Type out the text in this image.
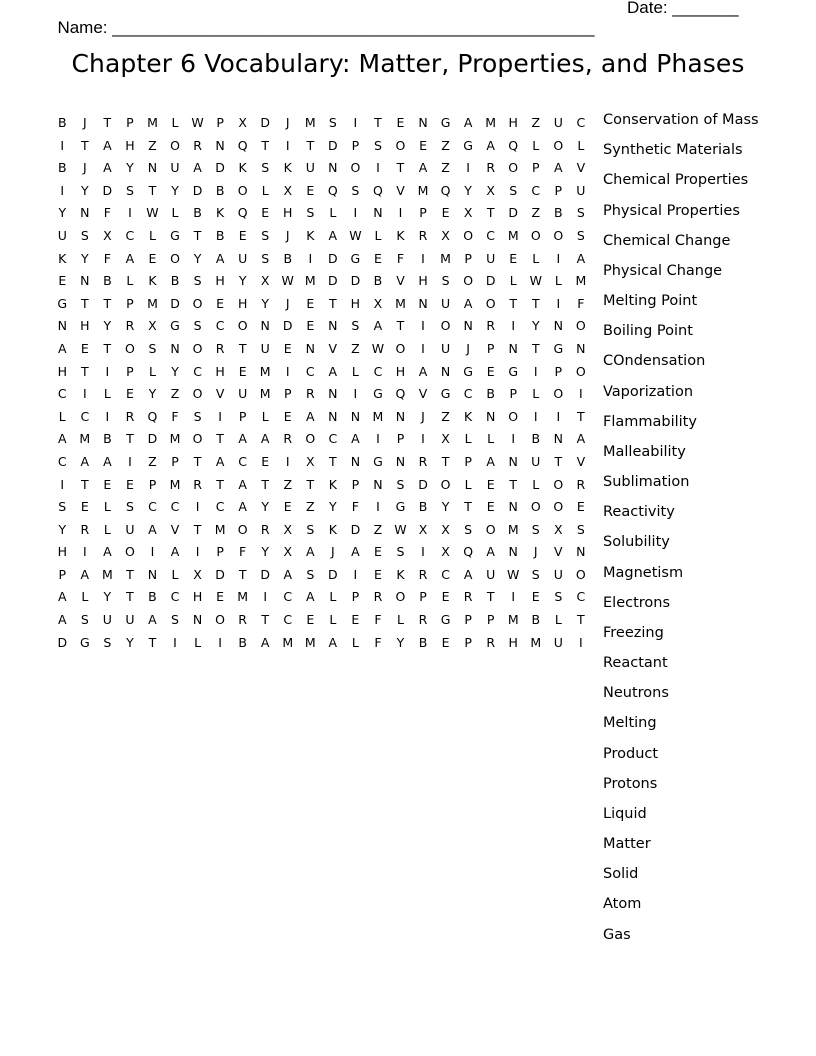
Name: ___________________________________________________

Date: _______

Chapter 6 Vocabulary: Matter, Properties, and Phases
B	J	T	P	M	L	W	P	X	D	J	M	S	I	T	E	N	G	A	M	H	Z	U	C
I	T	A	H	Z	O	R	N	Q	T	I	T	D	P	S	O	E	Z	G	A	Q	L	O	L
B	J	A	Y	N	U	A	D	K	S	K	U	N	O	I	T	A	Z	I	R	O	P	A	V
I	Y	D	S	T	Y	D	B	O	L	X	E	Q	S	Q	V	M	Q	Y	X	S	C	P	U
Y	N	F	I	W	L	B	K	Q	E	H	S	L	I	N	I	P	E	X	T	D	Z	B	S
U	S	X	C	L	G	T	B	E	S	J	K	A	W	L	K	R	X	O	C	M	O	O	S
K	Y	F	A	E	O	Y	A	U	S	B	I	D	G	E	F	I	M	P	U	E	L	I	A
E	N	B	L	K	B	S	H	Y	X	W	M	D	D	B	V	H	S	O	D	L	W	L	M
G	T	T	P	M	D	O	E	H	Y	J	E	T	H	X	M	N	U	A	O	T	T	I	F
N	H	Y	R	X	G	S	C	O	N	D	E	N	S	A	T	I	O	N	R	I	Y	N	O
A	E	T	O	S	N	O	R	T	U	E	N	V	Z	W	O	I	U	J	P	N	T	G	N
H	T	I	P	L	Y	C	H	E	M	I	C	A	L	C	H	A	N	G	E	G	I	P	O
C	I	L	E	Y	Z	O	V	U	M	P	R	N	I	G	Q	V	G	C	B	P	L	O	I
L	C	I	R	Q	F	S	I	P	L	E	A	N	N	M	N	J	Z	K	N	O	I	I	T
A	M	B	T	D	M	O	T	A	A	R	O	C	A	I	P	I	X	L	L	I	B	N	A
C	A	A	I	Z	P	T	A	C	E	I	X	T	N	G	N	R	T	P	A	N	U	T	V
I	T	E	E	P	M	R	T	A	T	Z	T	K	P	N	S	D	O	L	E	T	L	O	R
S	E	L	S	C	C	I	C	A	Y	E	Z	Y	F	I	G	B	Y	T	E	N	O	O	E
Y	R	L	U	A	V	T	M	O	R	X	S	K	D	Z	W	X	X	S	O	M	S	X	S
H	I	A	O	I	A	I	P	F	Y	X	A	J	A	E	S	I	X	Q	A	N	J	V	N
P	A	M	T	N	L	X	D	T	D	A	S	D	I	E	K	R	C	A	U	W	S	U	O
A	L	Y	T	B	C	H	E	M	I	C	A	L	P	R	O	P	E	R	T	I	E	S	C
A	S	U	U	A	S	N	O	R	T	C	E	L	E	F	L	R	G	P	P	M	B	L	T
D	G	S	Y	T	I	L	I	B	A	M	M	A	L	F	Y	B	E	P	R	H	M	U	I
Conservation of Mass
Synthetic Materials
Chemical Properties
Physical Properties
Chemical Change
Physical Change
Melting Point
Boiling Point
COndensation
Vaporization
Flammability
Malleability
Sublimation
Reactivity
Solubility
Magnetism
Electrons
Freezing
Reactant
Neutrons
Melting
Product
Protons
Liquid
Matter
Solid
Atom
Gas
